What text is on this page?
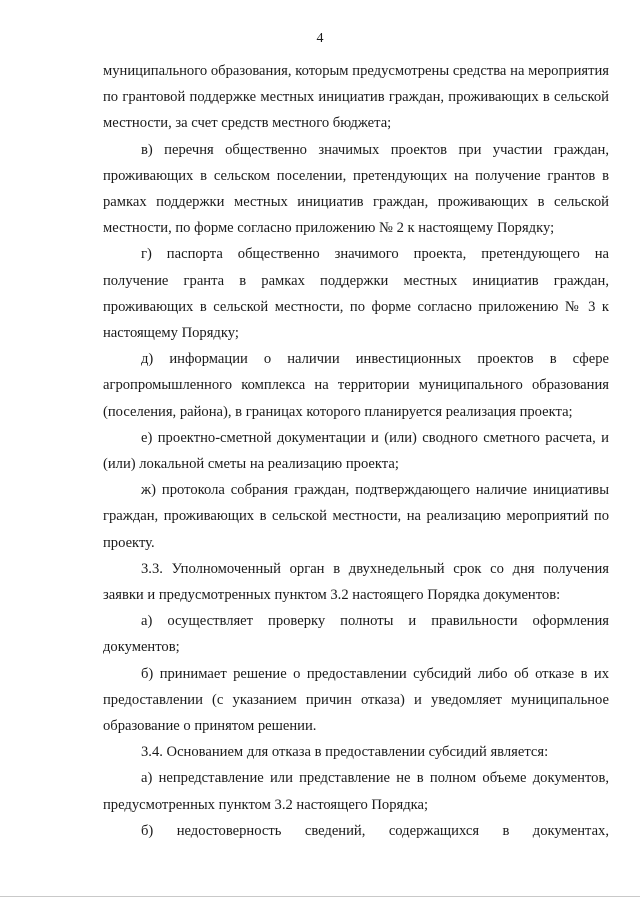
4

муниципального образования, которым предусмотрены средства на мероприятия по грантовой поддержке местных инициатив граждан, проживающих в сельской местности, за счет средств местного бюджета;

в) перечня общественно значимых проектов при участии граждан, проживающих в сельском поселении, претендующих на получение грантов в рамках поддержки местных инициатив граждан, проживающих в сельской местности, по форме согласно приложению № 2 к настоящему Порядку;

г) паспорта общественно значимого проекта, претендующего на получение гранта в рамках поддержки местных инициатив граждан, проживающих в сельской местности, по форме согласно приложению № 3 к настоящему Порядку;

д) информации о наличии инвестиционных проектов в сфере агропромышленного комплекса на территории муниципального образования (поселения, района), в границах которого планируется реализация проекта;

е) проектно-сметной документации и (или) сводного сметного расчета, и (или) локальной сметы на реализацию проекта;

ж) протокола собрания граждан, подтверждающего наличие инициативы граждан, проживающих в сельской местности, на реализацию мероприятий по проекту.

3.3. Уполномоченный орган в двухнедельный срок со дня получения заявки и предусмотренных пунктом 3.2 настоящего Порядка документов:

а) осуществляет проверку полноты и правильности оформления документов;

б) принимает решение о предоставлении субсидий либо об отказе в их предоставлении (с указанием причин отказа) и уведомляет муниципальное образование о принятом решении.

3.4. Основанием для отказа в предоставлении субсидий является:

а) непредставление или представление не в полном объеме документов, предусмотренных пунктом 3.2 настоящего Порядка;

б) недостоверность сведений, содержащихся в документах,
